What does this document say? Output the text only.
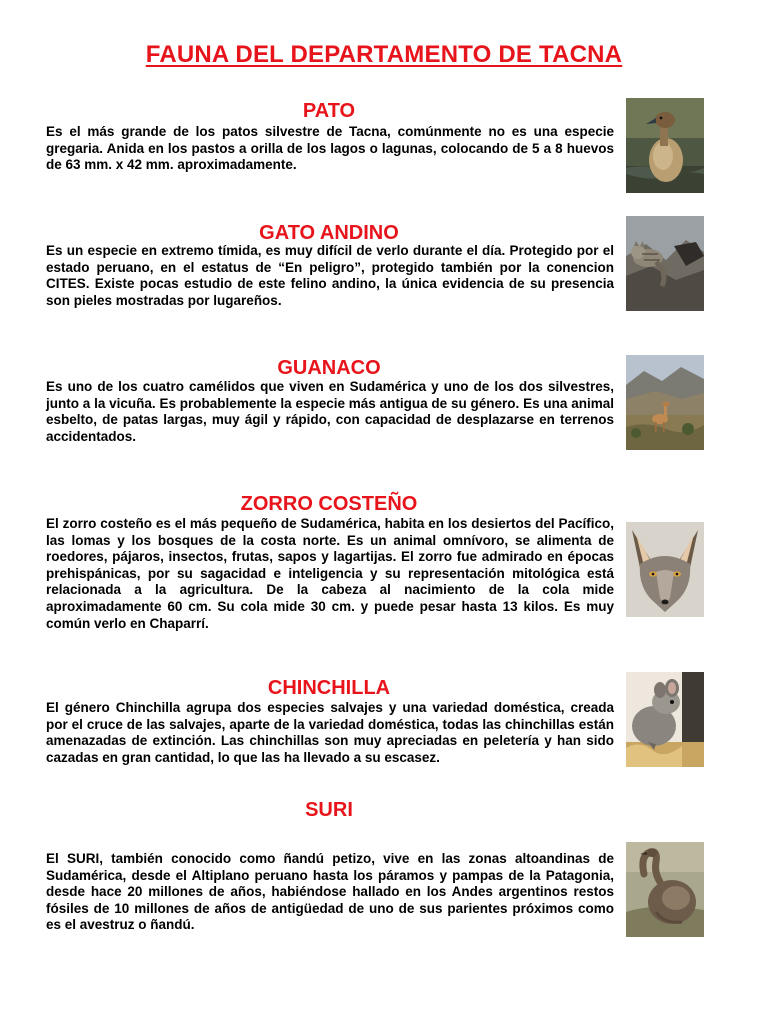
FAUNA DEL DEPARTAMENTO DE TACNA
PATO

Es el más grande de los patos silvestre de Tacna, comúnmente no es una especie gregaria. Anida en los pastos a orilla de los lagos o lagunas, colocando de 5 a 8 huevos de 63 mm. x 42 mm. aproximadamente.

GATO ANDINO

Es un especie en extremo tímida, es muy difícil de verlo durante el día. Protegido por el estado peruano, en el estatus de “En peligro”, protegido también por la conencion CITES. Existe pocas estudio de este felino andino, la única evidencia de su presencia son pieles mostradas por lugareños.

GUANACO

Es uno de los cuatro camélidos que viven en Sudamérica y uno de los dos silvestres, junto a la vicuña. Es probablemente la especie más antigua de su género. Es una animal esbelto, de patas largas, muy ágil y rápido, con capacidad de desplazarse en terrenos accidentados.

ZORRO COSTEÑO

El zorro costeño es el más pequeño de Sudamérica, habita en los desiertos del Pacífico, las lomas y los bosques de la costa norte. Es un animal omnívoro, se alimenta de roedores, pájaros, insectos, frutas, sapos y lagartijas. El zorro fue admirado en épocas prehispánicas, por su sagacidad e inteligencia y su representación mitológica está relacionada a la agricultura. De la cabeza al nacimiento de la cola mide aproximadamente 60 cm. Su cola mide 30 cm. y puede pesar hasta 13 kilos. Es muy común verlo en Chaparrí.

CHINCHILLA

El género Chinchilla agrupa dos especies salvajes y una variedad doméstica, creada por el cruce de las salvajes, aparte de la variedad doméstica, todas las chinchillas están amenazadas de extinción. Las chinchillas son muy apreciadas en peletería y han sido cazadas en gran cantidad, lo que las ha llevado a su escasez.

SURI

El SURI, también conocido como ñandú petizo, vive en las zonas altoandinas de Sudamérica, desde el Altiplano peruano hasta los páramos y pampas de la Patagonia, desde hace 20 millones de años, habiéndose hallado en los Andes argentinos restos fósiles de 10 millones de años de antigüedad de uno de sus parientes próximos como es el avestruz o ñandú.
